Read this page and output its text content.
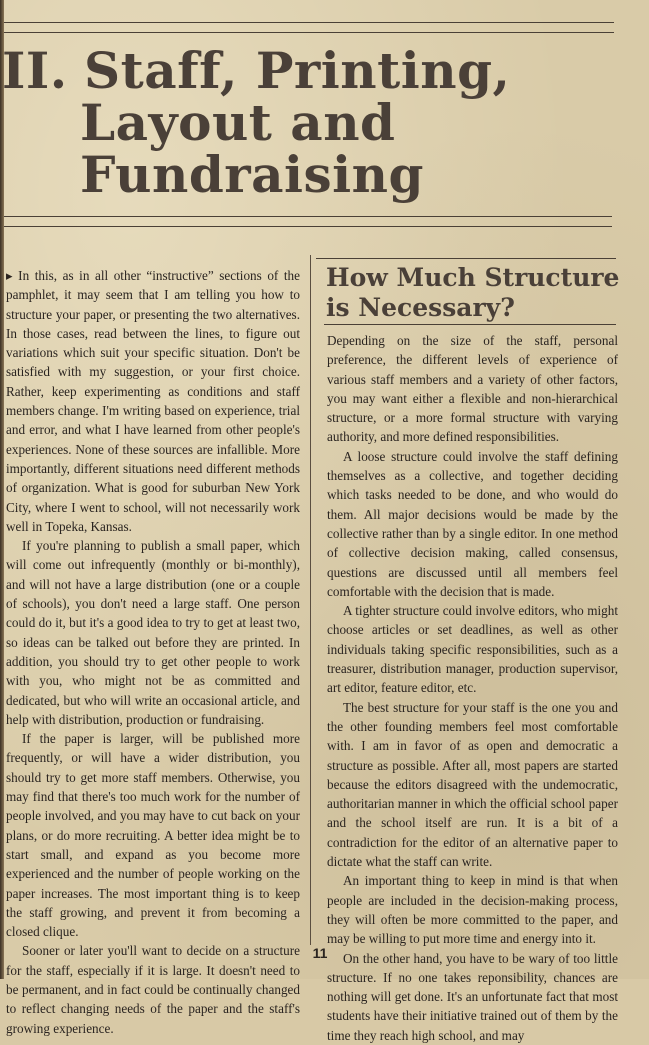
II. Staff, Printing,
Layout and
Fundraising

▸ In this, as in all other “instructive” sections of the pamphlet, it may seem that I am telling you how to structure your paper, or presenting the two alternatives. In those cases, read between the lines, to figure out variations which suit your specific situation. Don't be satisfied with my suggestion, or your first choice. Rather, keep experimenting as conditions and staff members change. I'm writing based on experience, trial and error, and what I have learned from other people's experiences. None of these sources are infallible. More importantly, different situations need different methods of organization. What is good for suburban New York City, where I went to school, will not necessarily work well in Topeka, Kansas.

If you're planning to publish a small paper, which will come out infrequently (monthly or bi-monthly), and will not have a large distribution (one or a couple of schools), you don't need a large staff. One person could do it, but it's a good idea to try to get at least two, so ideas can be talked out before they are printed. In addition, you should try to get other people to work with you, who might not be as committed and dedicated, but who will write an occasional article, and help with distribution, production or fundraising.

If the paper is larger, will be published more frequently, or will have a wider distribution, you should try to get more staff members. Otherwise, you may find that there's too much work for the number of people involved, and you may have to cut back on your plans, or do more recruiting. A better idea might be to start small, and expand as you become more experienced and the number of people working on the paper increases. The most important thing is to keep the staff growing, and prevent it from becoming a closed clique.

Sooner or later you'll want to decide on a structure for the staff, especially if it is large. It doesn't need to be permanent, and in fact could be continually changed to reflect changing needs of the paper and the staff's growing experience.

How Much Structure
is Necessary?

Depending on the size of the staff, personal preference, the different levels of experience of various staff members and a variety of other factors, you may want either a flexible and non-hierarchical structure, or a more formal structure with varying authority, and more defined responsibilities.

A loose structure could involve the staff defining themselves as a collective, and together deciding which tasks needed to be done, and who would do them. All major decisions would be made by the collective rather than by a single editor. In one method of collective decision making, called consensus, questions are discussed until all members feel comfortable with the decision that is made.

A tighter structure could involve editors, who might choose articles or set deadlines, as well as other individuals taking specific responsibilities, such as a treasurer, distribution manager, production supervisor, art editor, feature editor, etc.

The best structure for your staff is the one you and the other founding members feel most comfortable with. I am in favor of as open and democratic a structure as possible. After all, most papers are started because the editors disagreed with the undemocratic, authoritarian manner in which the official school paper and the school itself are run. It is a bit of a contradiction for the editor of an alternative paper to dictate what the staff can write.

An important thing to keep in mind is that when people are included in the decision-making process, they will often be more committed to the paper, and may be willing to put more time and energy into it.

On the other hand, you have to be wary of too little structure. If no one takes reponsibility, chances are nothing will get done. It's an unfortunate fact that most students have their initiative trained out of them by the time they reach high school, and may

11
